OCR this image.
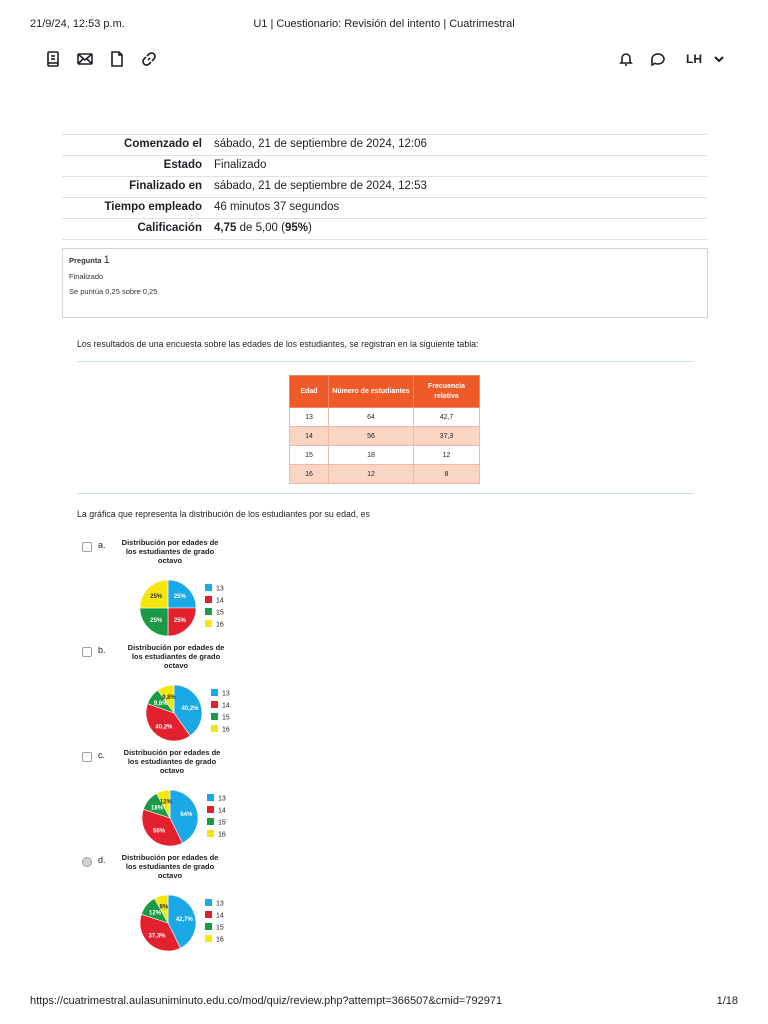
21/9/24, 12:53 p.m.	U1 | Cuestionario: Revisión del intento | Cuatrimestral
LH
Comenzado el	sábado, 21 de septiembre de 2024, 12:06
Estado	Finalizado
Finalizado en	sábado, 21 de septiembre de 2024, 12:53
Tiempo empleado	46 minutos 37 segundos
Calificación	4,75 de 5,00 (95%)
Pregunta 1
Finalizado
Se puntúa 0,25 sobre 0,25
Los resultados de una encuesta sobre las edades de los estudiantes, se registran en la siguiente tabla:
Edad	Número de estudiantes	Frecuencia relativa
13	64	42,7
14	56	37,3
15	18	12
16	12	8
La gráfica que representa la distribución de los estudiantes por su edad, es
a.
25%
25%
25%
25%
13
14
15
16
Distribución por edades de los estudiantes de grado octavo
b.
40,2%
40,2%
9,8%
9,8%
13
14
15
16
Distribución por edades de los estudiantes de grado octavo
c.
64%
56%
18%
12%
13
14
15
16
Distribución por edades de los estudiantes de grado octavo
d.
42,7%
37,3%
12%
8%
13
14
15
16
Distribución por edades de los estudiantes de grado octavo
https://cuatrimestral.aulasuniminuto.edu.co/mod/quiz/review.php?attempt=366507&cmid=792971	1/18
